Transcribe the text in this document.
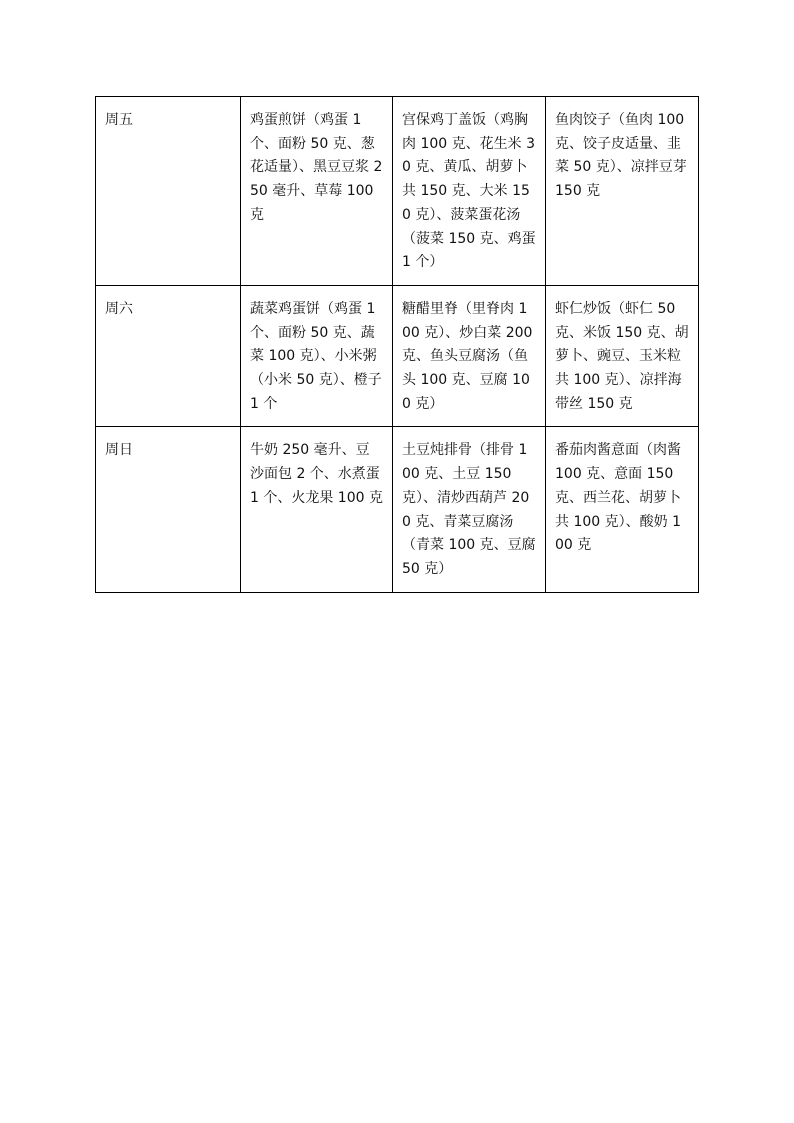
周五	鸡蛋煎饼（鸡蛋 1 个、面粉 50 克、葱花适量）、黑豆豆浆 250 毫升、草莓 100 克	宫保鸡丁盖饭（鸡胸肉 100 克、花生米 30 克、黄瓜、胡萝卜共 150 克、大米 150 克）、菠菜蛋花汤（菠菜 150 克、鸡蛋 1 个）	鱼肉饺子（鱼肉 100 克、饺子皮适量、韭菜 50 克）、凉拌豆芽 150 克
周六	蔬菜鸡蛋饼（鸡蛋 1 个、面粉 50 克、蔬菜 100 克）、小米粥（小米 50 克）、橙子 1 个	糖醋里脊（里脊肉 100 克）、炒白菜 200 克、鱼头豆腐汤（鱼头 100 克、豆腐 100 克）	虾仁炒饭（虾仁 50 克、米饭 150 克、胡萝卜、豌豆、玉米粒共 100 克）、凉拌海带丝 150 克
周日	牛奶 250 毫升、豆沙面包 2 个、水煮蛋 1 个、火龙果 100 克	土豆炖排骨（排骨 100 克、土豆 150 克）、清炒西葫芦 200 克、青菜豆腐汤（青菜 100 克、豆腐 50 克）	番茄肉酱意面（肉酱 100 克、意面 150 克、西兰花、胡萝卜共 100 克）、酸奶 100 克
